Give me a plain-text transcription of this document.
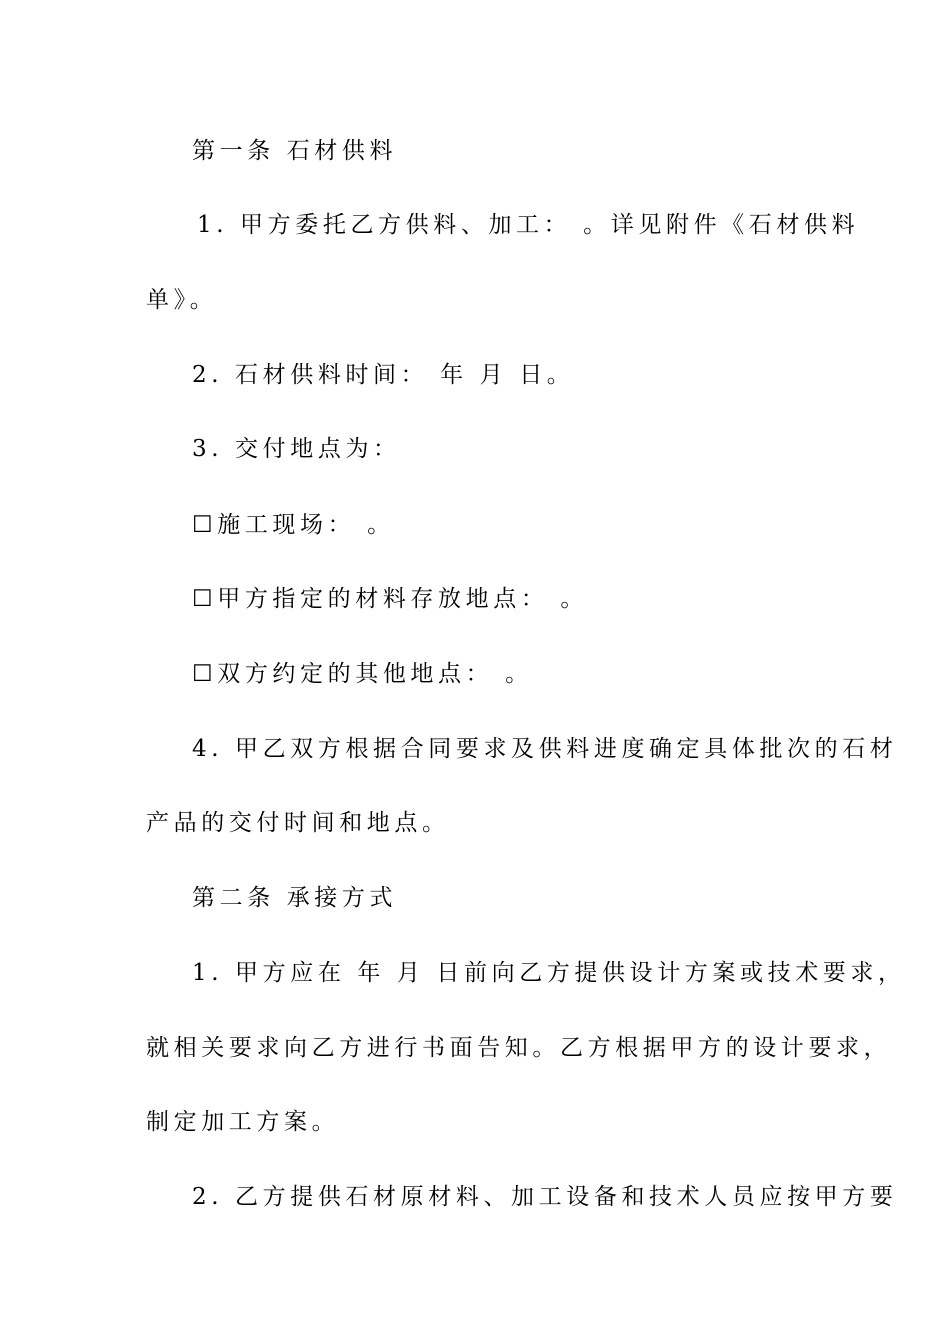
第一条 石材供料
1. 甲方委托乙方供料、加工： 。详见附件《石材供料
单》。
2. 石材供料时间： 年 月 日。
3. 交付地点为：
☐施工现场： 。
☐甲方指定的材料存放地点： 。
☐双方约定的其他地点： 。
4. 甲乙双方根据合同要求及供料进度确定具体批次的石材
产品的交付时间和地点。
第二条 承接方式
1. 甲方应在 年 月 日前向乙方提供设计方案或技术要求，
就相关要求向乙方进行书面告知。乙方根据甲方的设计要求，
制定加工方案。
2. 乙方提供石材原材料、加工设备和技术人员应按甲方要
